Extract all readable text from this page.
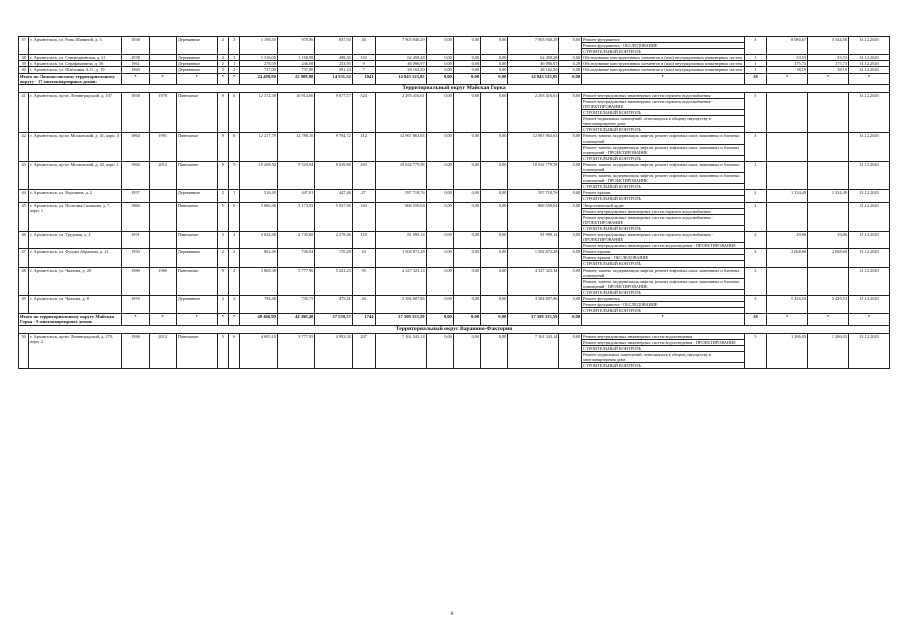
37	г. Архангельск, ул. Розы Шаниной, д. 3	1938		Деревянные	2	3	1 198,35	978,96	837,94	40	7 903 940,29	0,00	0,00	0,00	7 903 940,29	0,00	Ремонт фундамента
Ремонт фундамента - ОБСЛЕДОВАНИЕ
СТРОИТЕЛЬНЫЙ КОНТРОЛЬ	3	8 080,67	5 544,58	31.12.2020
38	г. Архангельск, ул. Северодвинская, д. 21	1938		Деревянные	3	3	1 316,00	1 168,98	498,35	102	62 458,28	0,00	0,00	0,00	62 458,28	0,00	Обследование конструктивных элементов и (или) внутридомовых инженерных систем	1	53,53	53,53	31.12.2020
39	г. Архангельск, ул. Серафимовича, д. 36	1961		Деревянные	2	1	278,59	246,00	233,95	9	46 096,97	0,00	0,00	0,00	46 096,97	0,29	Обследование конструктивных элементов и (или) внутридомовых инженерных систем	1	175,73	175,73	31.12.2020
40	г. Архангельск, ул. Шабалина А.О., д. 19	1969		Деревянные	2	2	737,00	737,00	291,23	7	28 162,50	0,00	0,00	0,00	28 162,50	0,00	Обследование конструктивных элементов и (или) внутридомовых инженерных систем	1	38,19	38,19	31.12.2020
Итого по Ломоносовскому территориальному округу - 17 многоквартирных домов:		*	*	*	*	*	24 499,80	22 909,80	14 531,52	1041	14 843 123,85	0,00	0,00	0,00	14 843 123,85	0,00	*	28	*	*	*
Территориальный округ Майская Горка																					
41	г. Архангельск, пр-кт. Ленинградский, д. 107	1958	1978	Панельные	9	6	12 372,30	10 914,60	9 677,57	524	2 293 416,61	0,00	0,00	0,00	2 293 416,61	0,00	Ремонт внутридомовых инженерных систем горячего водоснабжения
Ремонт внутридомовых инженерных систем горячего водоснабжения - ПРОЕКТИРОВАНИЕ
СТРОИТЕЛЬНЫЙ КОНТРОЛЬ
Ремонт подвальных помещений, относящихся к общему имуществу в многоквартирном доме
СТРОИТЕЛЬНЫЙ КОНТРОЛЬ	5			31.12.2020
42	г. Архангельск, пр-кт. Московский, д. 41, корп. 3	1964	1991	Панельные	9	6	12 217,79	12 788,10	9 784,72	312	12 967 863,63	0,00	0,00	0,00	12 967 863,63	0,00	Ремонт, замена, модернизация лифтов, ремонт лифтовых шахт, машинных и блочных помещений
Ремонт, замена, модернизация лифтов, ремонт лифтовых шахт, машинных и блочных помещений - ПРОЕКТИРОВАНИЕ
СТРОИТЕЛЬНЫЙ КОНТРОЛЬ	3			31.12.2020
43	г. Архангельск, пр-кт. Московский, д. 43, корп. 1	1960	2012	Панельные	9	5	10 208,50	9 520,94	8 639,80	403	10 632 779,58	0,00	0,00	0,00	10 632 779,58	0,00	Ремонт, замена, модернизация лифтов, ремонт лифтовых шахт, машинных и блочных помещений
Ремонт, замена, модернизация лифтов, ремонт лифтовых шахт, машинных и блочных помещений - ПРОЕКТИРОВАНИЕ
СТРОИТЕЛЬНЫЙ КОНТРОЛЬ	3			31.12.2020
44	г. Архангельск, ул. Воронина, д. 2	1957		Деревянные	2	1	516,49	447,91	447,46	27	597 718,76	0,00	0,00	0,00	597 718,76	0,00	Ремонт крыши
СТРОИТЕЛЬНЫЙ КОНТРОЛЬ	2	1 334,49	1 334,49	31.12.2020
45	г. Архангельск, ул. Почтовая Скипьева, д. 7, корп. 1	1960		Панельные	5	6	5 806,36	5 173,05	5 037,95	163	866 550,64	0,00	0,00	0,00	866 550,64	0,00	Энергетический аудит
Ремонт внутридомовых инженерных систем горячего водоснабжения
Ремонт внутридомовых инженерных систем горячего водоснабжения - ПРОЕКТИРОВАНИЕ
СТРОИТЕЛЬНЫЙ КОНТРОЛЬ	4			31.12.2020
46	г. Архангельск, ул. Трудовая, д. 4	1951		Панельные	5	4	3 024,48	2 745,60	2 278,46	118	81 999,14	0,00	0,00	0,00	81 999,14	0,00	Ремонт внутридомовых инженерных систем горячего водоснабжения - ПРОЕКТИРОВАНИЕ
Ремонт внутридомовых инженерных систем водоотведения - ПРОЕКТИРОВАНИЕ	2	29,86	29,86	31.12.2020
47	г. Архангельск, ул. Федора Абрамова, д. 21	1950		Деревянные	2	2	802,40	730,04	170,28	43	1 504 872,28	0,00	0,00	0,00	1 504 872,28	0,00	Ремонт крыши
Ремонт крыши - ОБСЛЕДОВАНИЕ
СТРОИТЕЛЬНЫЙ КОНТРОЛЬ	3	2 068,60	2 068,60	31.12.2020
48	г. Архангельск, ул. Чкалова, д. 20	1980	1980	Панельные	9	2	5 868,38	5 777,96	5 241,23	95	4 327 323,14	0,00	0,00	0,00	4 327 323,14	0,00	Ремонт, замена, модернизация лифтов, ремонт лифтовых шахт, машинных и блочных помещений
Ремонт, замена, модернизация лифтов, ремонт лифтовых шахт, машинных и блочных помещений - ПРОЕКТИРОВАНИЕ
СТРОИТЕЛЬНЫЙ КОНТРОЛЬ	3			31.12.2020
49	г. Архангельск, ул. Чкалова, д. 8	1959		Деревянные	2	2	794,48	739,75	475,41	26	3 384 807,86	0,00	0,00	0,00	3 384 807,86	0,00	Ремонт фундамента
Ремонт фундамента - ОБСЛЕДОВАНИЕ
СТРОИТЕЛЬНЫЙ КОНТРОЛЬ	3	5 426,53	5 426,53	31.12.2020
Итого по территориальному округу Майская Горка - 9 многоквартирных домов:		*	*	*	*	*	48 466,99	44 390,40	37 559,57	1744	37 398 333,59	0,00	0,00	0,00	37 398 333,59	0,00	*	28	*	*	*
Территориальный округ Варавино-Фактория																					
50	г. Архангельск, пр-кт. Ленинградский, д. 279, корп. 2	1986	2012	Панельные	5	6	4 695,10	3 777,95	4 993,32	207	7 161 343,14	0,00	0,00	0,00	7 161 343,14	0,00	Ремонт внутридомовых инженерных систем водоотведения
Ремонт внутридомовых инженерных систем водоотведения - ПРОЕКТИРОВАНИЕ
СТРОИТЕЛЬНЫЙ КОНТРОЛЬ
Ремонт подвальных помещений, относящихся к общему имуществу в многоквартирном доме
СТРОИТЕЛЬНЫЙ КОНТРОЛЬ	5	1 286,03	1 286,03	31.12.2020
8
